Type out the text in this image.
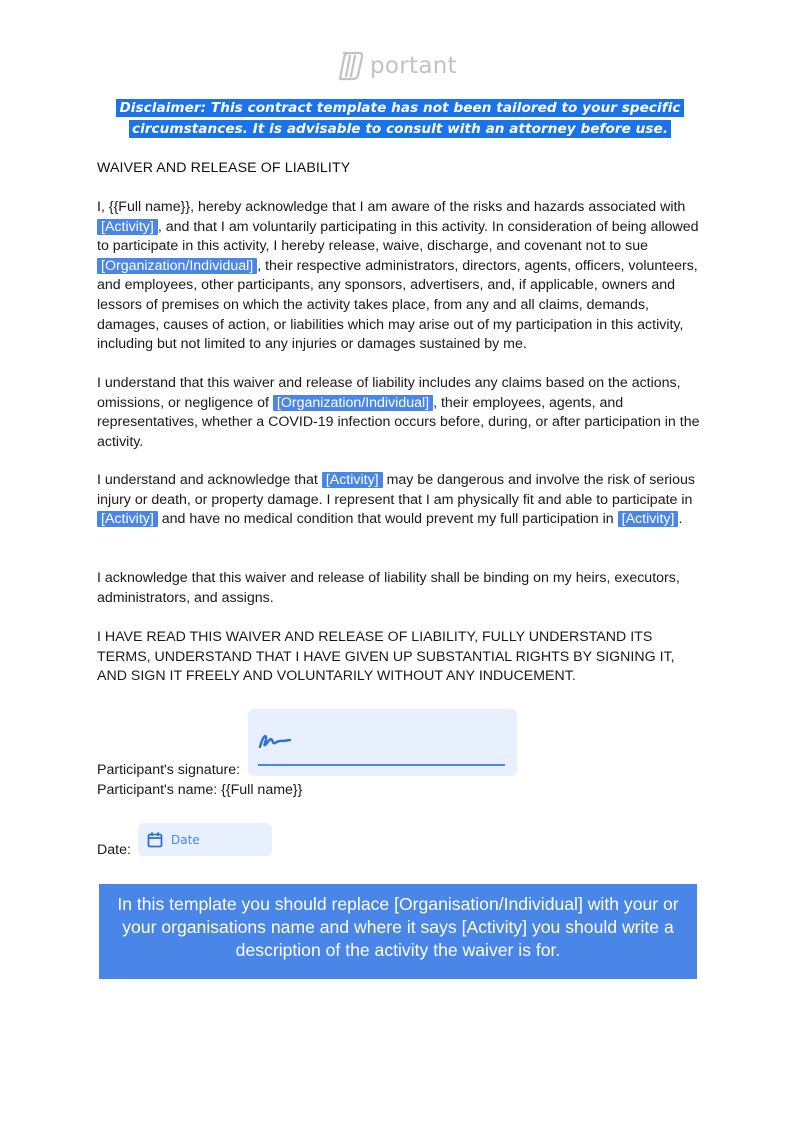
portant
Disclaimer: This contract template has not been tailored to your specific circumstances. It is advisable to consult with an attorney before use.
WAIVER AND RELEASE OF LIABILITY

I, {{Full name}}, hereby acknowledge that I am aware of the risks and hazards associated with [Activity] , and that I am voluntarily participating in this activity. In consideration of being allowed to participate in this activity, I hereby release, waive, discharge, and covenant not to sue [Organization/Individual] , their respective administrators, directors, agents, officers, volunteers, and employees, other participants, any sponsors, advertisers, and, if applicable, owners and lessors of premises on which the activity takes place, from any and all claims, demands, damages, causes of action, or liabilities which may arise out of my participation in this activity, including but not limited to any injuries or damages sustained by me.

I understand that this waiver and release of liability includes any claims based on the actions, omissions, or negligence of [Organization/Individual] , their employees, agents, and representatives, whether a COVID-19 infection occurs before, during, or after participation in the activity.

I understand and acknowledge that [Activity] may be dangerous and involve the risk of serious injury or death, or property damage. I represent that I am physically fit and able to participate in [Activity] and have no medical condition that would prevent my full participation in [Activity] .

I acknowledge that this waiver and release of liability shall be binding on my heirs, executors, administrators, and assigns.

I HAVE READ THIS WAIVER AND RELEASE OF LIABILITY, FULLY UNDERSTAND ITS TERMS, UNDERSTAND THAT I HAVE GIVEN UP SUBSTANTIAL RIGHTS BY SIGNING IT, AND SIGN IT FREELY AND VOLUNTARILY WITHOUT ANY INDUCEMENT.

Participant's signature:
Participant's name: {{Full name}}
Date:
Date
In this template you should replace [Organisation/Individual] with your or your organisations name and where it says [Activity] you should write a description of the activity the waiver is for.
